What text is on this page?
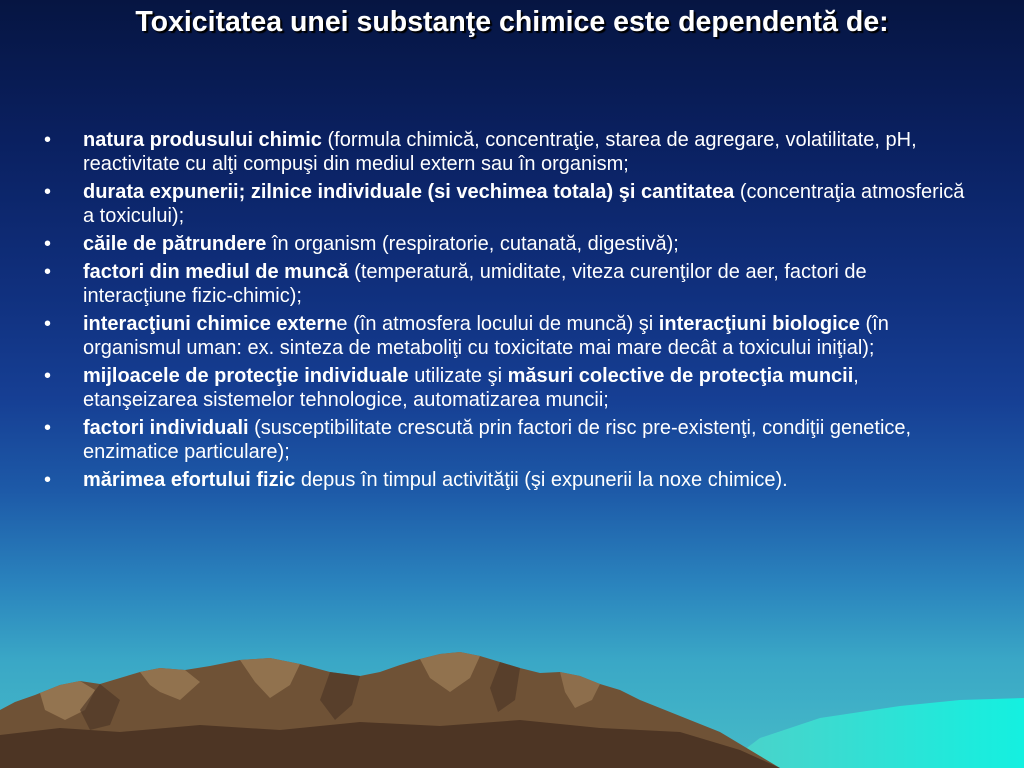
Toxicitatea unei substanţe chimice este dependentă de:
• natura produsului chimic (formula chimică, concentraţie, starea de agregare, volatilitate, pH, reactivitate cu alţi compuşi din mediul extern sau în organism;
• durata expunerii; zilnice individuale (si vechimea totala) şi cantitatea (concentraţia atmosferică a toxicului);
• căile de pătrundere în organism (respiratorie, cutanată, digestivă);
• factori din mediul de muncă (temperatură, umiditate, viteza curenţilor de aer, factori de interacţiune fizic-chimic);
• interacţiuni chimice externe (în atmosfera locului de muncă) şi interacţiuni biologice (în organismul uman: ex. sinteza de metaboliţi cu toxicitate mai mare decât a toxicului iniţial);
• mijloacele de protecţie individuale utilizate şi măsuri colective de protecţia muncii, etanşeizarea sistemelor tehnologice, automatizarea muncii;
• factori individuali (susceptibilitate crescută prin factori de risc pre-existenţi, condiţii genetice, enzimatice particulare);
• mărimea efortului fizic depus în timpul activităţii (şi expunerii la noxe chimice).
